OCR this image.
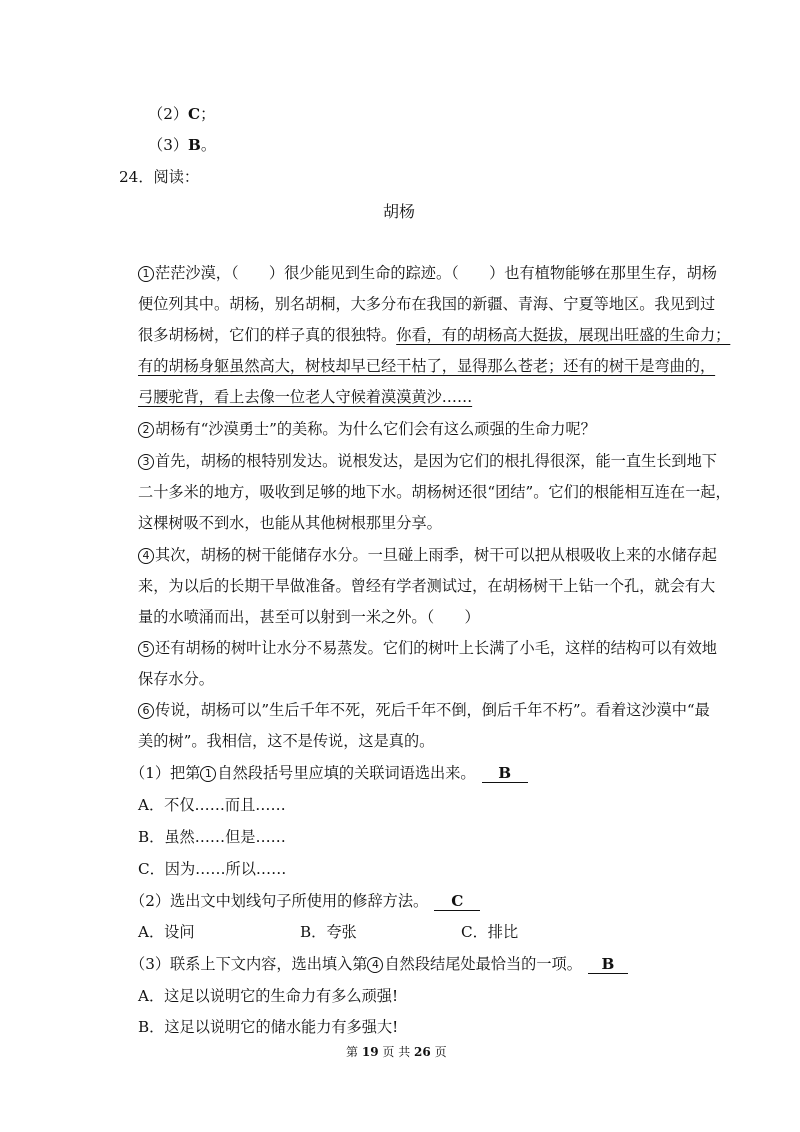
（2）C；
（3）B。
24．阅读：
胡杨
1 茫茫沙漠，（　　）很少能见到生命的踪迹。（　　）也有植物能够在那里生存，胡杨
便位列其中。胡杨，别名胡桐，大多分布在我国的新疆、青海、宁夏等地区。我见到过
很多胡杨树，它们的样子真的很独特。你看，有的胡杨高大挺拔，展现出旺盛的生命力；
有的胡杨身躯虽然高大，树枝却早已经干枯了，显得那么苍老；还有的树干是弯曲的，
弓腰驼背，看上去像一位老人守候着漠漠黄沙……
2 胡杨有“沙漠勇士”的美称。为什么它们会有这么顽强的生命力呢？
3 首先，胡杨的根特别发达。说根发达，是因为它们的根扎得很深，能一直生长到地下
二十多米的地方，吸收到足够的地下水。胡杨树还很“团结”。它们的根能相互连在一起，
这棵树吸不到水，也能从其他树根那里分享。
4 其次，胡杨的树干能储存水分。一旦碰上雨季，树干可以把从根吸收上来的水储存起
来，为以后的长期干旱做准备。曾经有学者测试过，在胡杨树干上钻一个孔，就会有大
量的水喷涌而出，甚至可以射到一米之外。（　　）
5 还有胡杨的树叶让水分不易蒸发。它们的树叶上长满了小毛，这样的结构可以有效地
保存水分。
6 传说，胡杨可以”生后千年不死，死后千年不倒，倒后千年不朽”。看着这沙漠中“最
美的树”。我相信，这不是传说，这是真的。
（1）把第 1 自然段括号里应填的关联词语选出来。 B
A．不仅……而且……
B．虽然……但是……
C．因为……所以……
（2）选出文中划线句子所使用的修辞方法。 C
A．设问	B．夸张	C．排比
（3）联系上下文内容，选出填入第 4 自然段结尾处最恰当的一项。 B
A．这足以说明它的生命力有多么顽强!
B．这足以说明它的储水能力有多强大!
第 19 页 共 26 页
